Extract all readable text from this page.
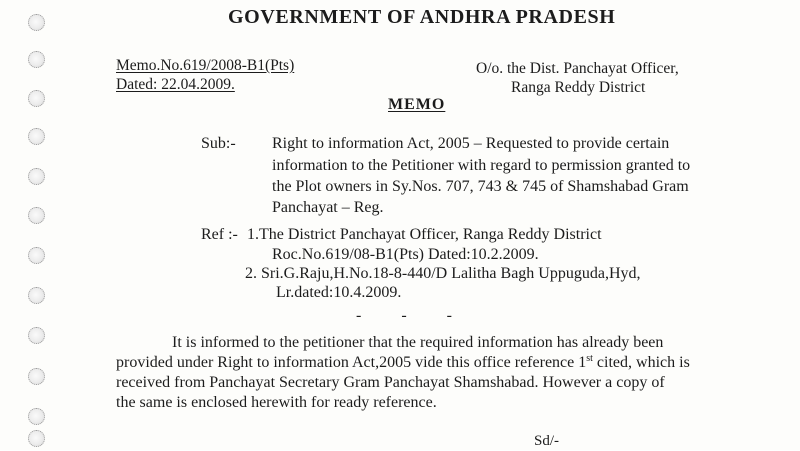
GOVERNMENT OF ANDHRA PRADESH
Memo.No.619/2008-B1(Pts)
Dated: 22.04.2009.
O/o. the Dist. Panchayat Officer,
Ranga Reddy District
MEMO
Sub:- Right to information Act, 2005 – Requested to provide certain
information to the Petitioner with regard to permission granted to
the Plot owners in Sy.Nos. 707, 743 & 745 of Shamshabad Gram
Panchayat – Reg.
Ref :- 1.The District Panchayat Officer, Ranga Reddy District
Roc.No.619/08-B1(Pts) Dated:10.2.2009.
2. Sri.G.Raju,H.No.18-8-440/D Lalitha Bagh Uppuguda,Hyd,
Lr.dated:10.4.2009.
- - -
It is informed to the petitioner that the required information has already been
provided under Right to information Act,2005 vide this office reference 1st cited, which is
received from Panchayat Secretary Gram Panchayat Shamshabad. However a copy of
the same is enclosed herewith for ready reference.
Sd/-
